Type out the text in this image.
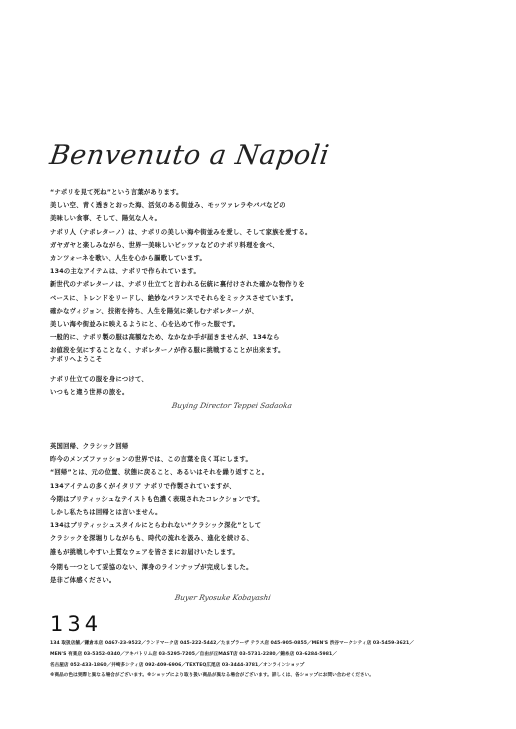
Benvenuto a Napoli
“ナポリを見て死ね”という言葉があります。
美しい空、青く透きとおった海、活気のある街並み、モッツァレラやババなどの
美味しい食事、そして、陽気な人々。
ナポリ人（ナポレターノ）は、ナポリの美しい海や街並みを愛し、そして家族を愛する。
ガヤガヤと楽しみながら、世界一美味しいピッツァなどのナポリ料理を食べ、
カンツォーネを歌い、人生を心から謳歌しています。
134の主なアイテムは、ナポリで作られています。
新世代のナポレターノは、ナポリ仕立てと言われる伝統に裏付けされた確かな物作りを
ベースに、トレンドをリードし、絶妙なバランスでそれらをミックスさせています。
確かなヴィジョン、技術を持ち、人生を陽気に楽しむナポレターノが、
美しい海や街並みに映えるようにと、心を込めて作った服です。
一般的に、ナポリ製の服は高額なため、なかなか手が届きませんが、134なら
お値段を気にすることなく、ナポレターノが作る服に挑戦することが出来ます。
ナポリへようこそ
ナポリ仕立ての服を身につけて、
いつもと違う世界の旅を。
Buying Director Teppei Sadaoka
英国回帰、クラシック回帰
昨今のメンズファッションの世界では、この言葉を良く耳にします。
“回帰”とは、元の位置、状態に戻ること、あるいはそれを繰り返すこと。
134アイテムの多くがイタリア ナポリで作製されていますが、
今期はブリティッシュなテイストも色濃く表現されたコレクションです。
しかし私たちは回帰とは言いません。
134はブリティッシュスタイルにとらわれない“クラシック深化”として
クラシックを深堀りしながらも、時代の流れを汲み、進化を続ける、
誰もが挑戦しやすい上質なウェアを皆さまにお届けいたします。
今期も一つとして妥協のない、渾身のラインナップが完成しました。
是非ご体感ください。
Buyer Ryosuke Kobayashi
134
134 取扱店舗／鎌倉本店 0467-23-9522／ランドマーク店 045-222-5442／たまプラーザ テラス店 045-905-0855／MEN'S 渋谷マークシティ店 03-5459-3621／
MEN'S 有楽店 03-5352-0340／アキバトリム店 03-5295-7205／自由が丘MAST店 03-5731-2280／錦糸店 03-6284-5981／
名古屋店 052-433-1860／井崎多シティ店 092-409-6906／TEXTEQ広尾店 03-3444-3781／オンラインショップ
※商品の色は実際と異なる場合がございます。※ショップにより取り扱い商品が異なる場合がございます。詳しくは、各ショップにお問い合わせください。
